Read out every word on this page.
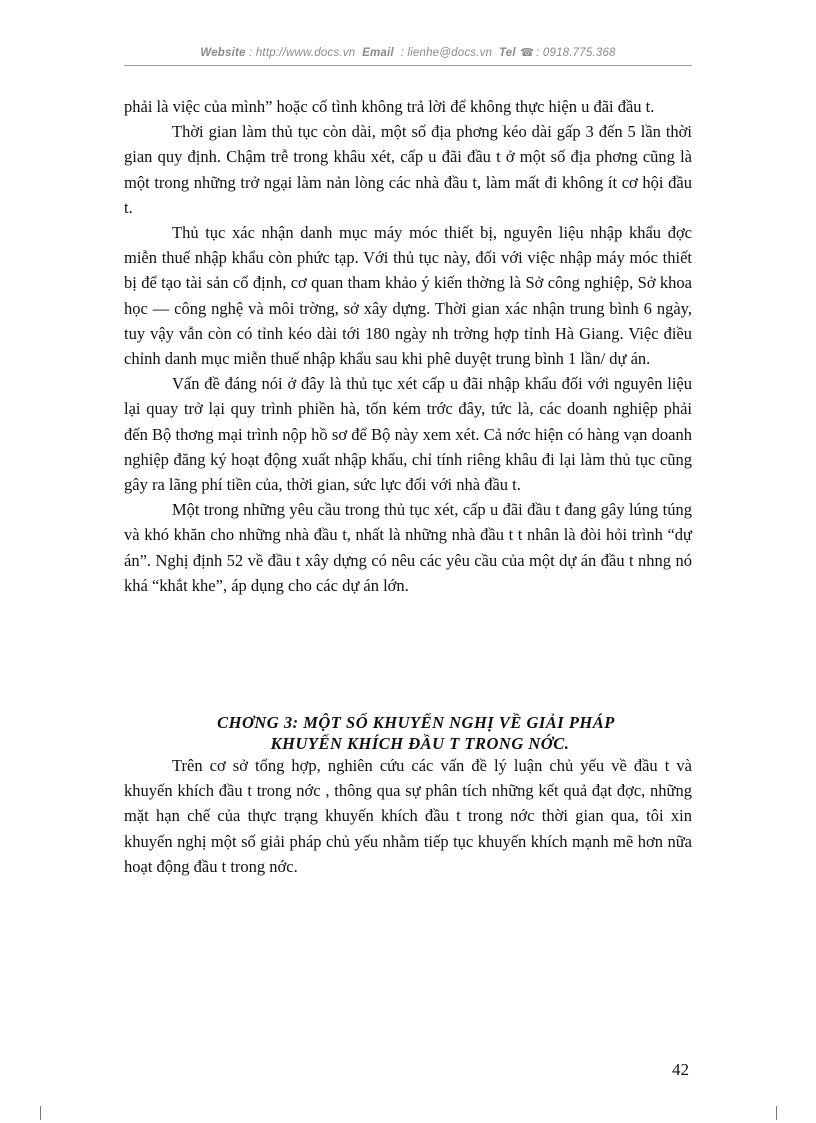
Website : http://www.docs.vn Email : lienhe@docs.vn Tel ☎ : 0918.775.368

phải là việc của mình” hoặc cố tình không trả lời để không thực hiện u đãi đầu t.

Thời gian làm thủ tục còn dài, một số địa phơng kéo dài gấp 3 đến 5 lần thời gian quy định. Chậm trễ trong khâu xét, cấp u đãi đầu t ở một số địa phơng cũng là một trong những trở ngại làm nản lòng các nhà đầu t, làm mất đi không ít cơ hội đầu t.

Thủ tục xác nhận danh mục máy móc thiết bị, nguyên liệu nhập khẩu đợc miễn thuế nhập khẩu còn phức tạp. Với thủ tục này, đối với việc nhập máy móc thiết bị để tạo tài sản cố định, cơ quan tham khảo ý kiến thờng là Sở công nghiệp, Sở khoa học — công nghệ và môi trờng, sở xây dựng. Thời gian xác nhận trung bình 6 ngày, tuy vậy vẫn còn có tỉnh kéo dài tới 180 ngày nh trờng hợp tỉnh Hà Giang. Việc điều chỉnh danh mục miễn thuế nhập khẩu sau khi phê duyệt trung bình 1 lần/ dự án.

Vấn đề đáng nói ở đây là thủ tục xét cấp u đãi nhập khẩu đối với nguyên liệu lại quay trở lại quy trình phiền hà, tốn kém trớc đây, tức là, các doanh nghiệp phải đến Bộ thơng mại trình nộp hồ sơ để Bộ này xem xét. Cả nớc hiện có hàng vạn doanh nghiệp đăng ký hoạt động xuất nhập khẩu, chỉ tính riêng khâu đi lại làm thủ tục cũng gây ra lãng phí tiền của, thời gian, sức lực đối với nhà đầu t.

Một trong những yêu cầu trong thủ tục xét, cấp u đãi đầu t đang gây lúng túng và khó khăn cho những nhà đầu t, nhất là những nhà đầu t t nhân là đòi hỏi trình “dự án”. Nghị định 52 về đầu t xây dựng có nêu các yêu cầu của một dự án đầu t nhng nó khá “khắt khe”, áp dụng cho các dự án lớn.

CHƠNG 3: MỘT SỐ KHUYẾN NGHỊ VỀ GIẢI PHÁP
KHUYẾN KHÍCH ĐẦU T TRONG NỚC.

Trên cơ sở tổng hợp, nghiên cứu các vấn đề lý luận chủ yếu về đầu t và khuyến khích đầu t trong nớc , thông qua sự phân tích những kết quả đạt đợc, những mặt hạn chế của thực trạng khuyến khích đầu t trong nớc thời gian qua, tôi xin khuyến nghị một số giải pháp chủ yếu nhằm tiếp tục khuyến khích mạnh mẽ hơn nữa hoạt động đầu t trong nớc.

42
